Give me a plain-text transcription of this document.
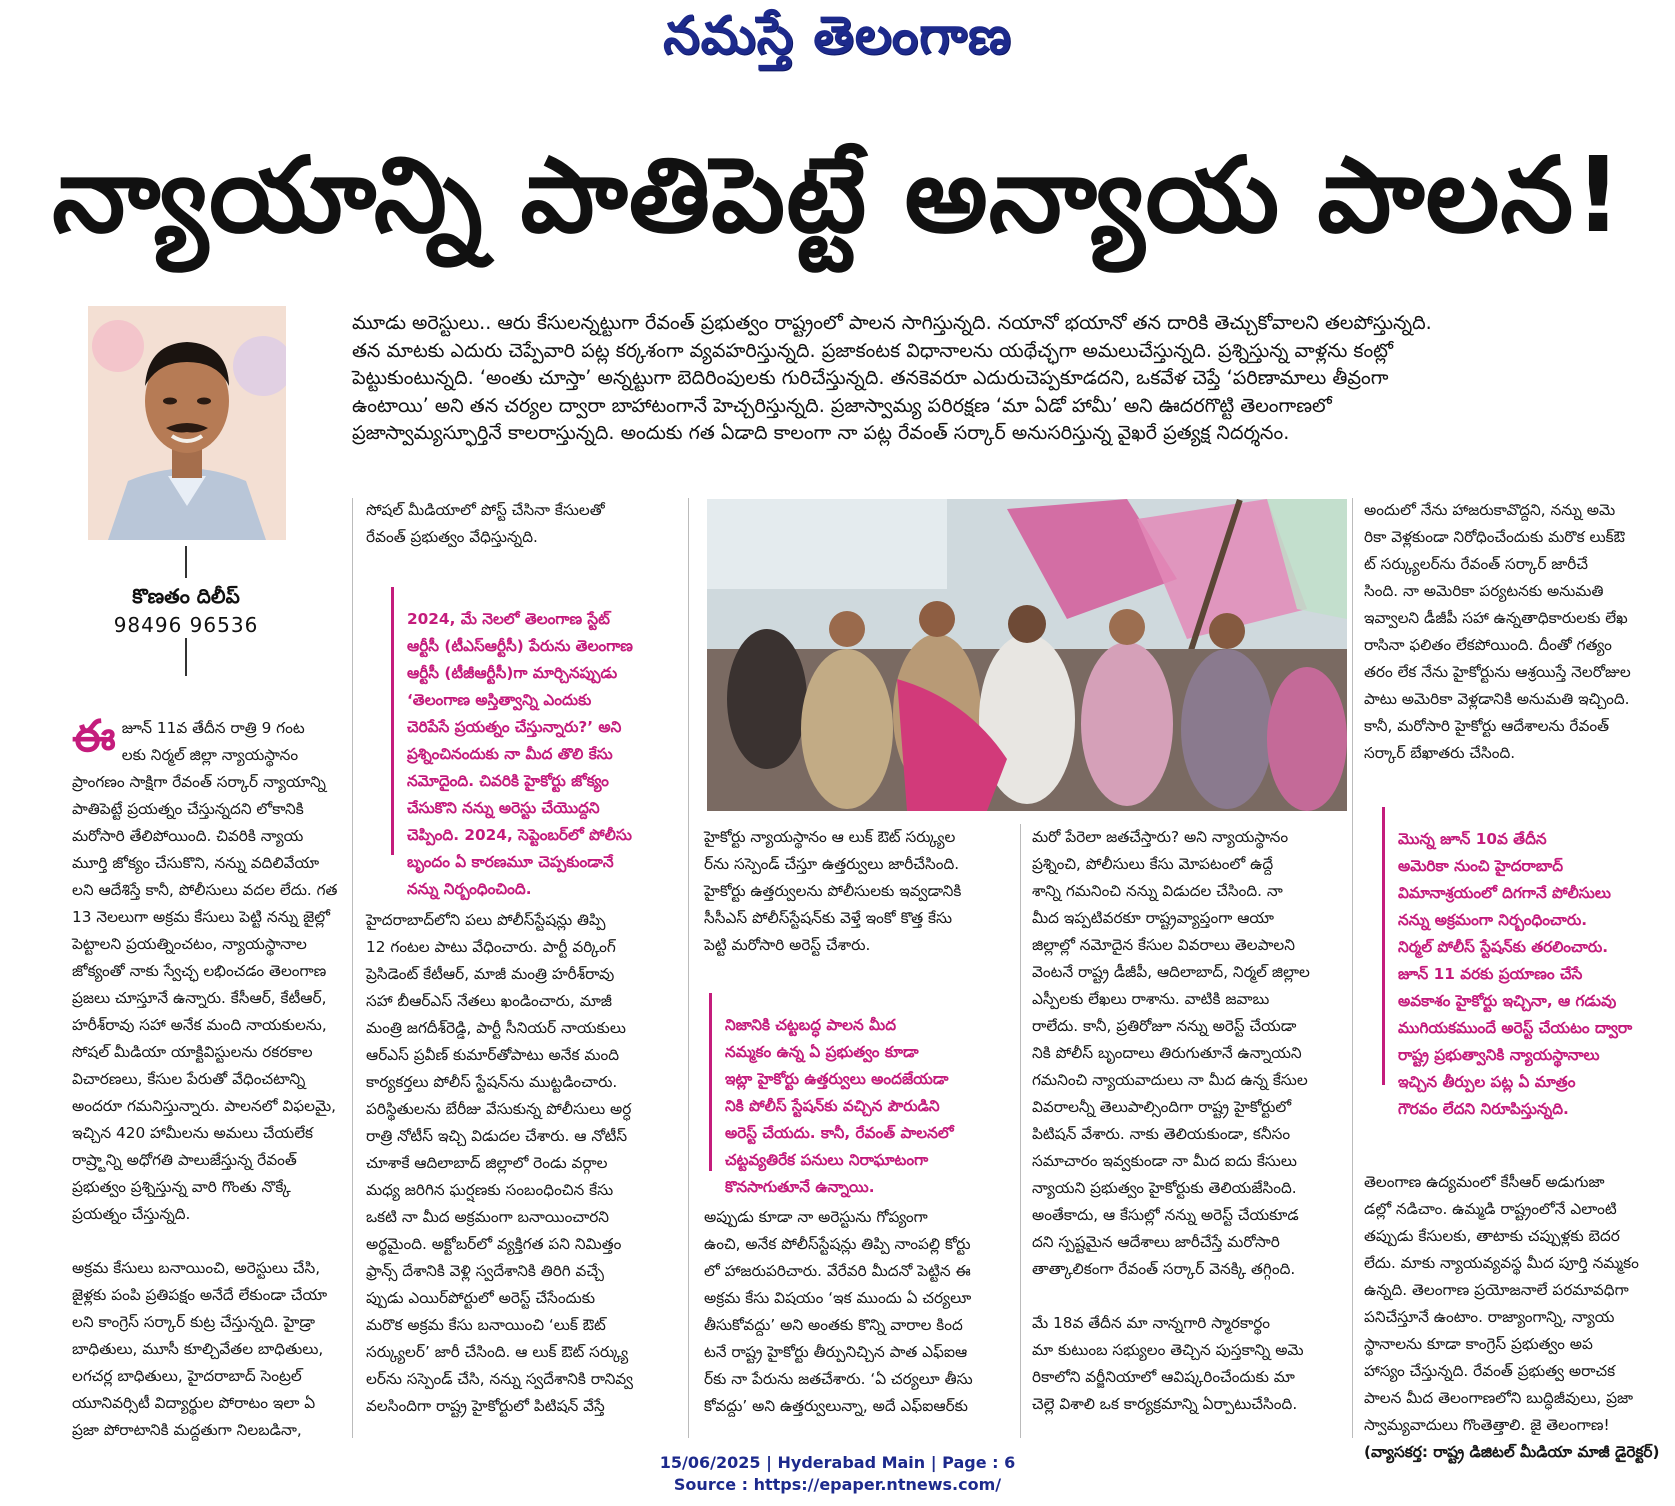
నమస్తే తెలంగాణ
న్యాయాన్ని పాతిపెట్టే అన్యాయ పాలన!
కొణతం దిలీప్
98496 96536
మూడు అరెస్టులు.. ఆరు కేసులన్నట్టుగా రేవంత్ ప్రభుత్వం రాష్ట్రంలో పాలన సాగిస్తున్నది. నయానో భయానో తన దారికి తెచ్చుకోవాలని తలపోస్తున్నది.
తన మాటకు ఎదురు చెప్పేవారి పట్ల కర్కశంగా వ్యవహరిస్తున్నది. ప్రజాకంటక విధానాలను యథేచ్ఛగా అమలుచేస్తున్నది. ప్రశ్నిస్తున్న వాళ్లను కంట్లో
పెట్టుకుంటున్నది. ‘అంతు చూస్తా’ అన్నట్టుగా బెదిరింపులకు గురిచేస్తున్నది. తనకెవరూ ఎదురుచెప్పకూడదని, ఒకవేళ చెప్తే ‘పరిణామాలు తీవ్రంగా
ఉంటాయి’ అని తన చర్యల ద్వారా బాహాటంగానే హెచ్చరిస్తున్నది. ప్రజాస్వామ్య పరిరక్షణ ‘మా ఏడో హామీ’ అని ఊదరగొట్టి తెలంగాణలో
ప్రజాస్వామ్యస్ఫూర్తినే కాలరాస్తున్నది. అందుకు గత ఏడాది కాలంగా నా పట్ల రేవంత్ సర్కార్ అనుసరిస్తున్న వైఖరే ప్రత్యక్ష నిదర్శనం.

ఈజూన్ 11వ తేదీన రాత్రి 9 గంట
లకు నిర్మల్ జిల్లా న్యాయస్థానం
ప్రాంగణం సాక్షిగా రేవంత్ సర్కార్ న్యాయాన్ని
పాతిపెట్టే ప్రయత్నం చేస్తున్నదని లోకానికి
మరోసారి తేలిపోయింది. చివరికి న్యాయ
మూర్తి జోక్యం చేసుకొని, నన్ను వదిలివేయా
లని ఆదేశిస్తే కానీ, పోలీసులు వదల లేదు. గత
13 నెలలుగా అక్రమ కేసులు పెట్టి నన్ను జైల్లో
పెట్టాలని ప్రయత్నించటం, న్యాయస్థానాల
జోక్యంతో నాకు స్వేచ్ఛ లభించడం తెలంగాణ
ప్రజలు చూస్తూనే ఉన్నారు. కేసీఆర్, కేటీఆర్,
హరీశ్‌రావు సహా అనేక మంది నాయకులను,
సోషల్ మీడియా యాక్టివిస్టులను రకరకాల
విచారణలు, కేసుల పేరుతో వేధించటాన్ని
అందరూ గమనిస్తున్నారు. పాలనలో విఫలమై,
ఇచ్చిన 420 హామీలను అమలు చేయలేక
రాష్ర్టాన్ని అధోగతి పాలుజేస్తున్న రేవంత్
ప్రభుత్వం ప్రశ్నిస్తున్న వారి గొంతు నొక్కే
ప్రయత్నం చేస్తున్నది.

అక్రమ కేసులు బనాయించి, అరెస్టులు చేసి,
జైళ్లకు పంపి ప్రతిపక్షం అనేదే లేకుండా చేయా
లని కాంగ్రెస్ సర్కార్ కుట్ర చేస్తున్నది. హైడ్రా
బాధితులు, మూసీ కూల్చివేతల బాధితులు,
లగచర్ల బాధితులు, హైదరాబాద్ సెంట్రల్
యూనివర్సిటీ విద్యార్థుల పోరాటం ఇలా ఏ
ప్రజా పోరాటానికి మద్దతుగా నిలబడినా,

సోషల్ మీడియాలో పోస్ట్ చేసినా కేసులతో
రేవంత్ ప్రభుత్వం వేధిస్తున్నది.

2024, మే నెలలో తెలంగాణ స్టేట్
ఆర్టీసీ (టీఎస్ఆర్టీసీ) పేరును తెలంగాణ
ఆర్టీసీ (టీజీఆర్టీసీ)గా మార్చినప్పుడు
‘తెలంగాణ అస్తిత్వాన్ని ఎందుకు
చెరిపేసే ప్రయత్నం చేస్తున్నారు?’ అని
ప్రశ్నించినందుకు నా మీద తొలి కేసు
నమోదైంది. చివరికి హైకోర్టు జోక్యం
చేసుకొని నన్ను అరెస్టు చేయొద్దని
చెప్పింది. 2024, సెప్టెంబర్‌లో పోలీసు
బృందం ఏ కారణమూ చెప్పకుండానే
నన్ను నిర్బంధించింది.

హైదరాబాద్‌లోని పలు పోలీస్‌స్టేషన్లు తిప్పి
12 గంటల పాటు వేధించారు. పార్టీ వర్కింగ్
ప్రెసిడెంట్ కేటీఆర్, మాజీ మంత్రి హరీశ్‌రావు
సహా బీఆర్ఎస్ నేతలు ఖండించారు, మాజీ
మంత్రి జగదీశ్‌రెడ్డి, పార్టీ సీనియర్ నాయకులు
ఆర్ఎస్ ప్రవీణ్ కుమార్‌తోపాటు అనేక మంది
కార్యకర్తలు పోలీస్ స్టేషన్‌ను ముట్టడించారు.
పరిస్థితులను బేరీజు వేసుకున్న పోలీసులు అర్ధ
రాత్రి నోటీస్ ఇచ్చి విడుదల చేశారు. ఆ నోటీస్
చూశాకే ఆదిలాబాద్ జిల్లాలో రెండు వర్గాల
మధ్య జరిగిన ఘర్షణకు సంబంధించిన కేసు
ఒకటి నా మీద అక్రమంగా బనాయించారని
అర్థమైంది. అక్టోబర్‌లో వ్యక్తిగత పని నిమిత్తం
ఫ్రాన్స్ దేశానికి వెళ్లి స్వదేశానికి తిరిగి వచ్చే
ప్పుడు ఎయిర్‌పోర్టులో అరెస్ట్ చేసేందుకు
మరొక అక్రమ కేసు బనాయించి ‘లుక్ ఔట్
సర్క్యులర్’ జారీ చేసింది. ఆ లుక్ ఔట్ సర్క్యు
లర్‌ను సస్పెండ్ చేసి, నన్ను స్వదేశానికి రానివ్వ
వలసిందిగా రాష్ట్ర హైకోర్టులో పిటిషన్ వేస్తే
హైకోర్టు న్యాయస్థానం ఆ లుక్ ఔట్ సర్క్యుల
ర్‌ను సస్పెండ్ చేస్తూ ఉత్తర్వులు జారీచేసింది.
హైకోర్టు ఉత్తర్వులను పోలీసులకు ఇవ్వడానికి
సీసీఎస్ పోలీస్‌స్టేషన్‌కు వెళ్తే ఇంకో కొత్త కేసు
పెట్టి మరోసారి అరెస్ట్ చేశారు.

నిజానికి చట్టబద్ధ పాలన మీద
నమ్మకం ఉన్న ఏ ప్రభుత్వం కూడా
ఇట్లా హైకోర్టు ఉత్తర్వులు అందజేయడా
నికి పోలీస్ స్టేషన్‌కు వచ్చిన పౌరుడిని
అరెస్ట్ చేయదు. కానీ, రేవంత్ పాలనలో
చట్టవ్యతిరేక పనులు నిరాఘాటంగా
కొనసాగుతూనే ఉన్నాయి.

అప్పుడు కూడా నా అరెస్టును గోప్యంగా
ఉంచి, అనేక పోలీస్‌స్టేషన్లు తిప్పి నాంపల్లి కోర్టు
లో హాజరుపరిచారు. వేరేవరి మీదనో పెట్టిన ఈ
అక్రమ కేసు విషయం ‘ఇక ముందు ఏ చర్యలూ
తీసుకోవద్దు’ అని అంతకు కొన్ని వారాల కింద
టనే రాష్ట్ర హైకోర్టు తీర్పునిచ్చిన పాత ఎఫ్ఐఆ
ర్‌కు నా పేరును జతచేశారు. ‘ఏ చర్యలూ తీసు
కోవద్దు’ అని ఉత్తర్వులున్నా, అదే ఎఫ్ఐఆర్‌కు
మరో పేరెలా జతచేస్తారు? అని న్యాయస్థానం
ప్రశ్నించి, పోలీసులు కేసు మోపటంలో ఉద్దే
శాన్ని గమనించి నన్ను విడుదల చేసింది. నా
మీద ఇప్పటివరకూ రాష్ట్రవ్యాప్తంగా ఆయా
జిల్లాల్లో నమోదైన కేసుల వివరాలు తెలపాలని
వెంటనే రాష్ట్ర డీజీపీ, ఆదిలాబాద్, నిర్మల్ జిల్లాల
ఎస్పీలకు లేఖలు రాశాను. వాటికి జవాబు
రాలేదు. కానీ, ప్రతిరోజూ నన్ను అరెస్ట్ చేయడా
నికి పోలీస్ బృందాలు తిరుగుతూనే ఉన్నాయని
గమనించి న్యాయవాదులు నా మీద ఉన్న కేసుల
వివరాలన్నీ తెలుపాల్సిందిగా రాష్ట్ర హైకోర్టులో
పిటిషన్ వేశారు. నాకు తెలియకుండా, కనీసం
సమాచారం ఇవ్వకుండా నా మీద ఐదు కేసులు
న్యాయని ప్రభుత్వం హైకోర్టుకు తెలియజేసింది.
అంతేకాదు, ఆ కేసుల్లో నన్ను అరెస్ట్ చేయకూడ
దని స్పష్టమైన ఆదేశాలు జారీచేస్తే మరోసారి
తాత్కాలికంగా రేవంత్ సర్కార్ వెనక్కి తగ్గింది.

మే 18వ తేదీన మా నాన్నగారి స్మారకార్థం
మా కుటుంబ సభ్యులం తెచ్చిన పుస్తకాన్ని అమె
రికాలోని వర్జీనియాలో ఆవిష్కరించేందుకు మా
చెల్లె విశాలి ఒక కార్యక్రమాన్ని ఏర్పాటుచేసింది.
అందులో నేను హాజరుకావొద్దని, నన్ను అమె
రికా వెళ్లకుండా నిరోధించేందుకు మరొక లుక్ఔ
ట్ సర్క్యులర్‌ను రేవంత్ సర్కార్ జారీచే
సింది. నా అమెరికా పర్యటనకు అనుమతి
ఇవ్వాలని డీజీపీ సహా ఉన్నతాధికారులకు లేఖ
రాసినా ఫలితం లేకపోయింది. దీంతో గత్యం
తరం లేక నేను హైకోర్టును ఆశ్రయిస్తే నెలరోజుల
పాటు అమెరికా వెళ్లడానికి అనుమతి ఇచ్చింది.
కానీ, మరోసారి హైకోర్టు ఆదేశాలను రేవంత్
సర్కార్ బేఖాతరు చేసింది.

మొన్న జూన్ 10వ తేదీన
అమెరికా నుంచి హైదరాబాద్
విమానాశ్రయంలో దిగగానే పోలీసులు
నన్ను అక్రమంగా నిర్బంధించారు.
నిర్మల్ పోలీస్ స్టేషన్‌కు తరలించారు.
జూన్ 11 వరకు ప్రయాణం చేసే
అవకాశం హైకోర్టు ఇచ్చినా, ఆ గడువు
ముగియకముందే అరెస్ట్ చేయటం ద్వారా
రాష్ట్ర ప్రభుత్వానికి న్యాయస్థానాలు
ఇచ్చిన తీర్పుల పట్ల ఏ మాత్రం
గౌరవం లేదని నిరూపిస్తున్నది.

తెలంగాణ ఉద్యమంలో కేసీఆర్ అడుగుజా
డల్లో నడిచాం. ఉమ్మడి రాష్ట్రంలోనే ఎలాంటి
తప్పుడు కేసులకు, తాటాకు చప్పుళ్లకు బెదర
లేదు. మాకు న్యాయవ్యవస్థ మీద పూర్తి నమ్మకం
ఉన్నది. తెలంగాణ ప్రయోజనాలే పరమావధిగా
పనిచేస్తూనే ఉంటాం. రాజ్యాంగాన్ని, న్యాయ
స్థానాలను కూడా కాంగ్రెస్ ప్రభుత్వం అప
హాస్యం చేస్తున్నది. రేవంత్ ప్రభుత్వ అరాచక
పాలన మీద తెలంగాణలోని బుద్ధిజీవులు, ప్రజా
స్వామ్యవాదులు గొంతెత్తాలి. జై తెలంగాణ!

(వ్యాసకర్త: రాష్ట్ర డిజిటల్ మీడియా మాజీ డైరెక్టర్)

15/06/2025 | Hyderabad Main | Page : 6
Source : https://epaper.ntnews.com/
